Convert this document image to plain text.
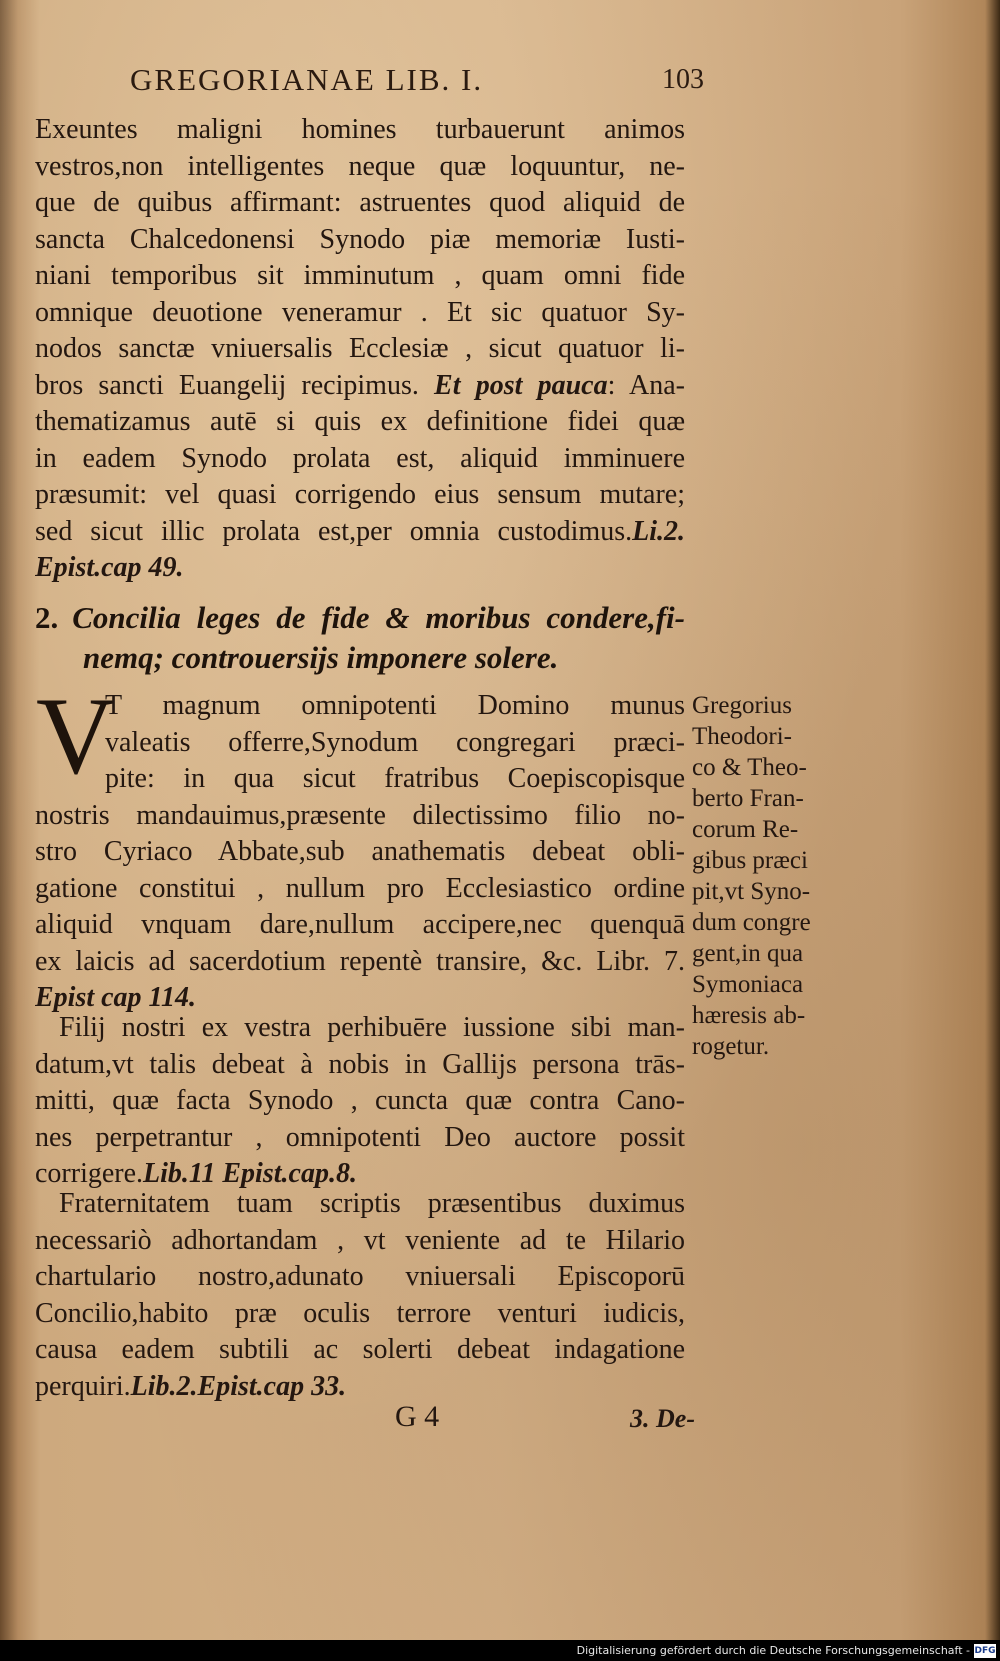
GREGORIANAE LIB. I.	103
Exeuntes maligni homines turbauerunt animos
vestros,non intelligentes neque quæ loquuntur, ne-
que de quibus affirmant: astruentes quod aliquid de
sancta Chalcedonensi Synodo piæ memoriæ Iusti-
niani temporibus sit imminutum , quam omni fide
omnique deuotione veneramur . Et sic quatuor Sy-
nodos sanctæ vniuersalis Ecclesiæ , sicut quatuor li-
bros sancti Euangelij recipimus. Et post pauca: Ana-
thematizamus autē si quis ex definitione fidei quæ
in eadem Synodo prolata est, aliquid imminuere
præsumit: vel quasi corrigendo eius sensum mutare;
sed sicut illic prolata est,per omnia custodimus.Li.2.
Epist.cap 49.
2. Concilia leges de fide & moribus condere,fi-
nemq; controuersijs imponere solere.
V
T magnum omnipotenti Domino munus
valeatis offerre,Synodum congregari præci-
pite: in qua sicut fratribus Coepiscopisque
nostris mandauimus,præsente dilectissimo filio no-
stro Cyriaco Abbate,sub anathematis debeat obli-
gatione constitui , nullum pro Ecclesiastico ordine
aliquid vnquam dare,nullum accipere,nec quenquā
ex laicis ad sacerdotium repentè transire, &c. Libr. 7.
Epist cap 114.
Filij nostri ex vestra perhibuēre iussione sibi man-
datum,vt talis debeat à nobis in Gallijs persona trās-
mitti, quæ facta Synodo , cuncta quæ contra Cano-
nes perpetrantur , omnipotenti Deo auctore possit
corrigere.Lib.11 Epist.cap.8.
Fraternitatem tuam scriptis præsentibus duximus
necessariò adhortandam , vt veniente ad te Hilario
chartulario nostro,adunato vniuersali Episcoporū
Concilio,habito præ oculis terrore venturi iudicis,
causa eadem subtili ac solerti debeat indagatione
perquiri.Lib.2.Epist.cap 33.
Gregorius
Theodori-
co & Theo-
berto Fran-
corum Re-
gibus præci
pit,vt Syno-
dum congre
gent,in qua
Symoniaca
hæresis ab-
rogetur.
G 4	3. De-
Digitalisierung gefördert durch die Deutsche Forschungsgemeinschaft - DFG
